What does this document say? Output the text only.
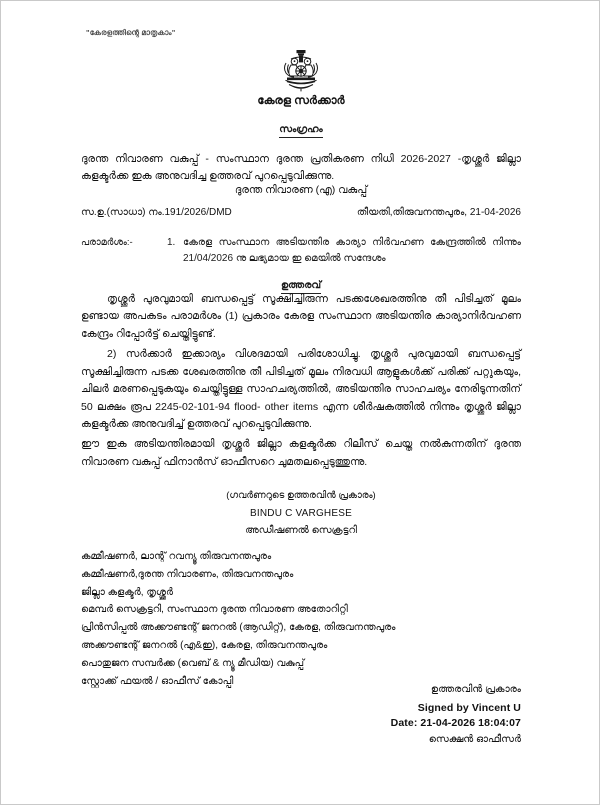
"കേരളത്തിന്റെ മാതൃകാം"
കേരള സർക്കാർ
സംഗ്രഹം
ദുരന്ത നിവാരണ വകുപ്പ് - സംസ്ഥാന ദുരന്ത പ്രതികരണ നിധി 2026-2027 -തൃശ്ശൂർ ജില്ലാ കളക്ടർക്ക ഇക അനുവദിച്ച ഉത്തരവ് പുറപ്പെടുവിക്കുന്നു.
ദുരന്ത നിവാരണ (എ) വകുപ്പ്
സ.ഉ.(സാധാ) നം.191/2026/DMD	തീയതി,തിരുവനന്തപുരം, 21-04-2026
പരാമർശം:-	1. കേരള സംസ്ഥാന അടിയന്തിര കാര്യാ നിർവഹണ കേന്ദ്രത്തിൽ നിന്നും 21/04/2026 നു ലഭ്യമായ ഇ മെയിൽ സന്ദേശം
ഉത്തരവ്

തൃശ്ശൂർ പുരവുമായി ബന്ധപ്പെട്ട് സൂക്ഷിച്ചിരുന്ന പടക്കശേഖരത്തിനു തീ പിടിച്ചത് മൂലം ഉണ്ടായ അപകടം പരാമർശം (1) പ്രകാരം കേരള സംസ്ഥാന അടിയന്തിര കാര്യാനിർവഹണ കേന്ദ്രം റിപ്പോർട്ട് ചെയ്തിട്ടുണ്ട്.

2) സർക്കാർ ഇക്കാര്യം വിശദമായി പരിശോധിച്ചു. തൃശ്ശൂർ പുരവുമായി ബന്ധപ്പെട്ട് സൂക്ഷിച്ചിരുന്ന പടക്ക ശേഖരത്തിനു തീ പിടിച്ചത് മൂലം നിരവധി ആളുകൾക്ക് പരിക്ക് പറ്റുകയും, ചിലർ മരണപ്പെടുകയും ചെയ്തിട്ടുള്ള സാഹചര്യത്തിൽ, അടിയന്തിര സാഹചര്യം നേരിടുന്നതിന് 50 ലക്ഷം രൂപ 2245-02-101-94 flood- other items എന്ന ശീർഷകത്തിൽ നിന്നും തൃശ്ശൂർ ജില്ലാ കളക്ടർക്ക അനുവദിച്ച് ഉത്തരവ് പുറപ്പെടുവിക്കുന്നു.

ഈ ഇക അടിയന്തിരമായി തൃശ്ശൂർ ജില്ലാ കളക്ടർക്ക റിലീസ് ചെയ്ത നൽകുന്നതിന് ദുരന്ത നിവാരണ വകുപ്പ് ഫിനാൻസ് ഓഫീസറെ ചുമതലപ്പെടുത്തുന്നു.

(ഗവർണറുടെ ഉത്തരവിൻ പ്രകാരം)
BINDU C VARGHESE
അഡീഷണൽ സെക്രട്ടറി
കമ്മീഷണർ, ലാന്റ് റവന്യൂ തിരുവനന്തപുരം
കമ്മീഷണർ,ദുരന്ത നിവാരണം, തിരുവനന്തപുരം
ജില്ലാ കളക്ടർ, തൃശ്ശൂർ
മെമ്പർ സെക്രട്ടറി, സംസ്ഥാന ദുരന്ത നിവാരണ അതോറിറ്റി
പ്രിൻസിപ്പൽ അക്കൗണ്ടന്റ് ജനറൽ (ആഡിറ്റ്), കേരള, തിരുവനന്തപുരം
അക്കൗണ്ടന്റ് ജനറൽ (എ&ഇ), കേരള, തിരുവനന്തപുരം
പൊതുജന സമ്പർക്ക (വെബ് & ന്യൂ മീഡിയ) വകുപ്പ്
സ്റ്റോക്ക് ഫയൽ / ഓഫീസ് കോപ്പി
ഉത്തരവിൻ പ്രകാരം
Signed by Vincent U
Date: 21-04-2026 18:04:07
സെക്ഷൻ ഓഫീസർ
